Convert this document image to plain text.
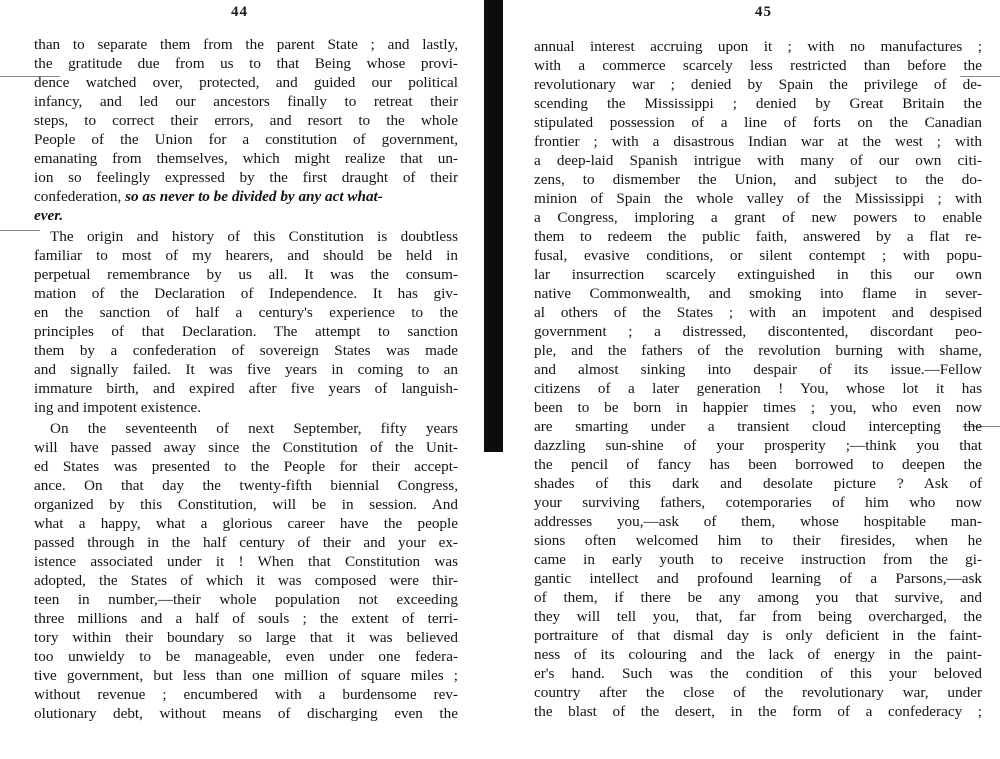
44
than to separate them from the parent State ; and lastly,
the gratitude due from us to that Being whose provi-
dence watched over, protected, and guided our political
infancy, and led our ancestors finally to retreat their
steps, to correct their errors, and resort to the whole
People of the Union for a constitution of government,
emanating from themselves, which might realize that un-
ion so feelingly expressed by the first draught of their
confederation, so as never to be divided by any act what-
ever.
The origin and history of this Constitution is doubtless
familiar to most of my hearers, and should be held in
perpetual remembrance by us all. It was the consum-
mation of the Declaration of Independence. It has giv-
en the sanction of half a century's experience to the
principles of that Declaration. The attempt to sanction
them by a confederation of sovereign States was made
and signally failed. It was five years in coming to an
immature birth, and expired after five years of languish-
ing and impotent existence.
On the seventeenth of next September, fifty years
will have passed away since the Constitution of the Unit-
ed States was presented to the People for their accept-
ance. On that day the twenty-fifth biennial Congress,
organized by this Constitution, will be in session. And
what a happy, what a glorious career have the people
passed through in the half century of their and your ex-
istence associated under it ! When that Constitution was
adopted, the States of which it was composed were thir-
teen in number,—their whole population not exceeding
three millions and a half of souls ; the extent of terri-
tory within their boundary so large that it was believed
too unwieldy to be manageable, even under one federa-
tive government, but less than one million of square miles ;
without revenue ; encumbered with a burdensome rev-
olutionary debt, without means of discharging even the
45
annual interest accruing upon it ; with no manufactures ;
with a commerce scarcely less restricted than before the
revolutionary war ; denied by Spain the privilege of de-
scending the Mississippi ; denied by Great Britain the
stipulated possession of a line of forts on the Canadian
frontier ; with a disastrous Indian war at the west ; with
a deep-laid Spanish intrigue with many of our own citi-
zens, to dismember the Union, and subject to the do-
minion of Spain the whole valley of the Mississippi ; with
a Congress, imploring a grant of new powers to enable
them to redeem the public faith, answered by a flat re-
fusal, evasive conditions, or silent contempt ; with popu-
lar insurrection scarcely extinguished in this our own
native Commonwealth, and smoking into flame in sever-
al others of the States ; with an impotent and despised
government ; a distressed, discontented, discordant peo-
ple, and the fathers of the revolution burning with shame,
and almost sinking into despair of its issue.—Fellow
citizens of a later generation ! You, whose lot it has
been to be born in happier times ; you, who even now
are smarting under a transient cloud intercepting the
dazzling sun-shine of your prosperity ;—think you that
the pencil of fancy has been borrowed to deepen the
shades of this dark and desolate picture ? Ask of
your surviving fathers, cotemporaries of him who now
addresses you,—ask of them, whose hospitable man-
sions often welcomed him to their firesides, when he
came in early youth to receive instruction from the gi-
gantic intellect and profound learning of a Parsons,—ask
of them, if there be any among you that survive, and
they will tell you, that, far from being overcharged, the
portraiture of that dismal day is only deficient in the faint-
ness of its colouring and the lack of energy in the paint-
er's hand. Such was the condition of this your beloved
country after the close of the revolutionary war, under
the blast of the desert, in the form of a confederacy ;
